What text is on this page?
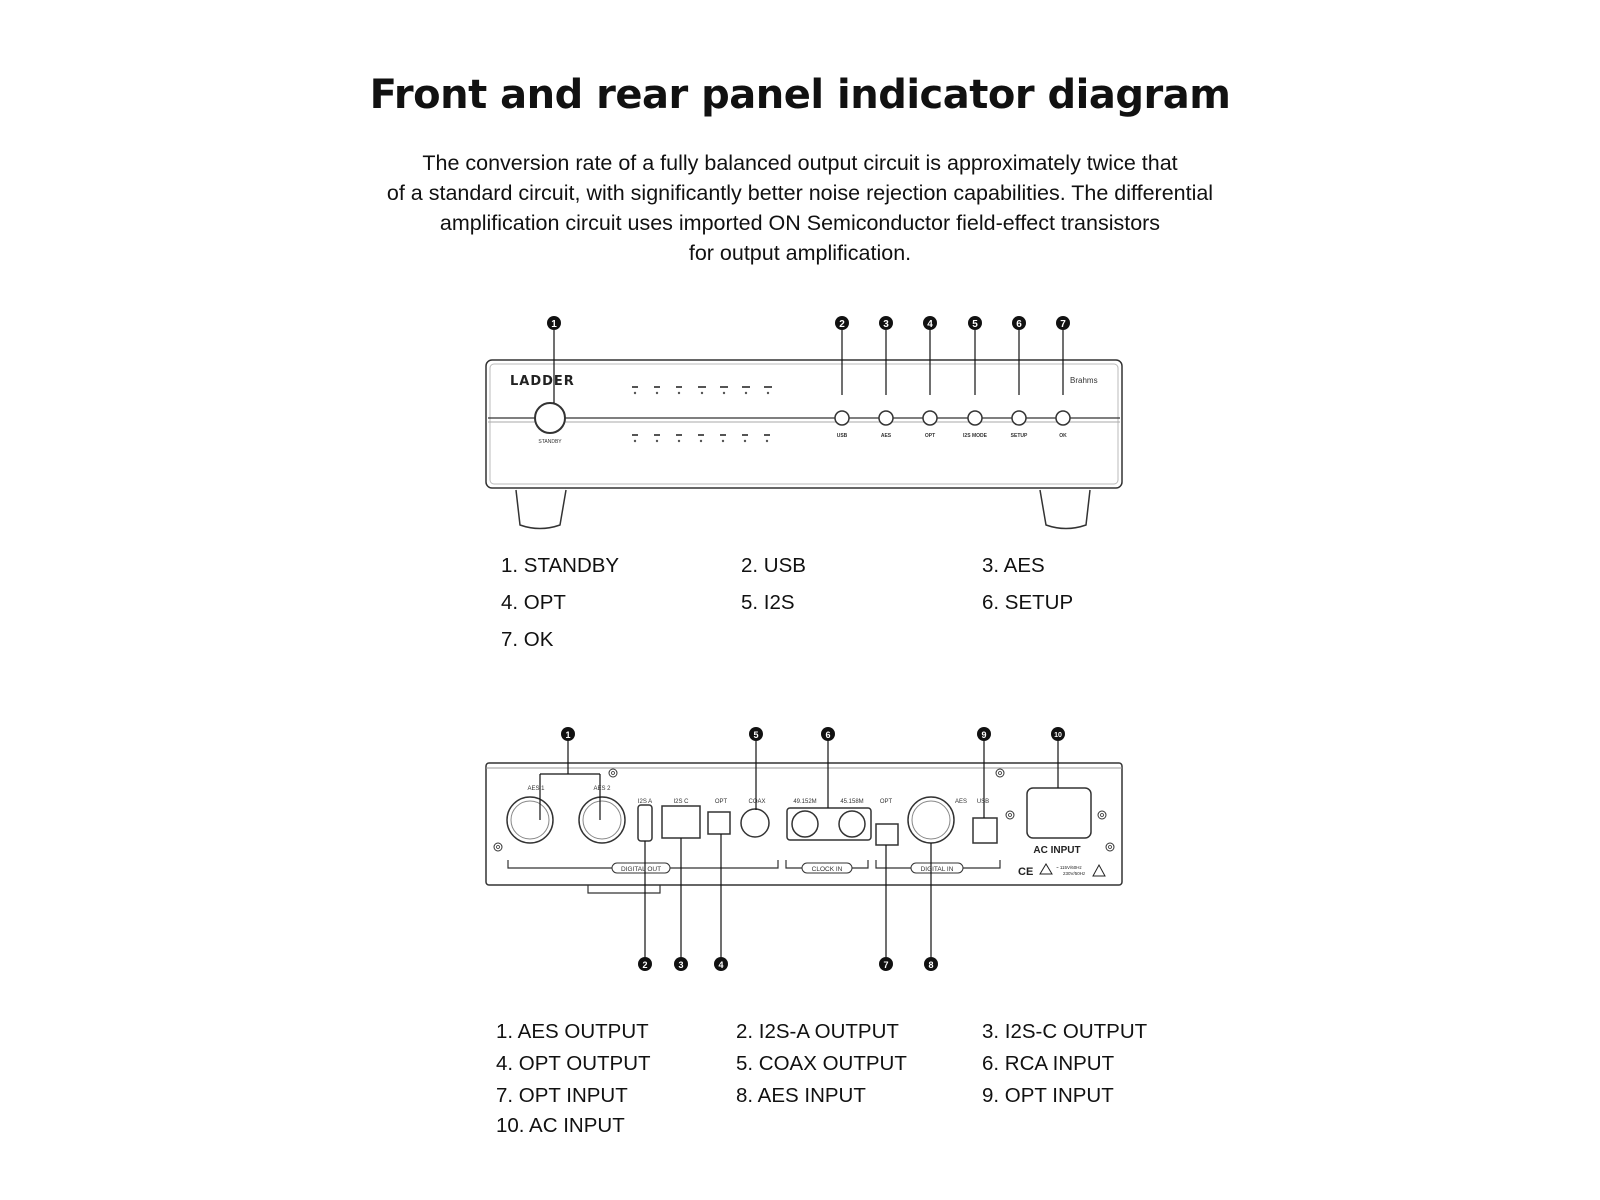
Front and rear panel indicator diagram
The conversion rate of a fully balanced output circuit is approximately twice that
of a standard circuit, with significantly better noise rejection capabilities. The differential
amplification circuit uses imported ON Semiconductor field-effect transistors
for output amplification.
LADDER	Brahms
STANDBY
USB	AES	OPT	I2S MODE	SETUP	OK
1	2	3	4	5	6	7
AES 1	AES 2
I2S A	I2S C	OPT	COAX	49.152M	45.158M	OPT	AES USB
DIGITAL OUT	CLOCK IN	DIGITAL IN
AC INPUT
CE	~ 115V/60Hz
230V/50Hz
1	5	6	9	10
2	3	4	7	8
1. STANDBY	2. USB	3. AES
4. OPT	5. I2S	6. SETUP
7. OK
1. AES OUTPUT	2. I2S-A OUTPUT	3. I2S-C OUTPUT
4. OPT OUTPUT	5. COAX OUTPUT	6. RCA INPUT
7. OPT INPUT	8. AES INPUT	9. OPT INPUT
10. AC INPUT
